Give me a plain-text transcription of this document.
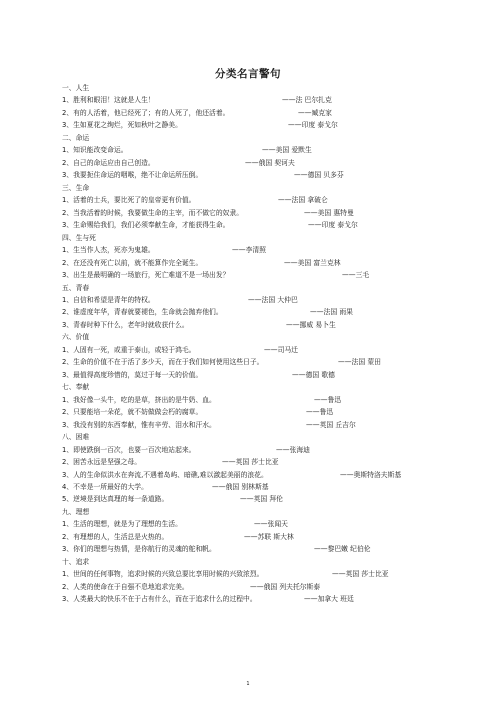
分类名言警句
一、人生
1、胜利和眼泪！这就是人生！	——法 巴尔扎克
2、有的人活着，他已经死了；有的人死了，他还活着。	——臧克家
3、生如夏花之绚烂，死如秋叶之静美。	——印度 泰戈尔
二、命运
1、知识能改变命运。	——美国 爱默生
2、自己的命运应由自己创造。	——俄国 契诃夫
3、我要扼住命运的咽喉，绝不让命运所压倒。	——德国 贝多芬
三、生命
1、活着的士兵，要比死了的皇帝更有价值。	——法国 拿破仑
2、当我活着的时候，我要做生命的主宰，而不做它的奴隶。	——美国 惠特曼
3、生命赐给我们，我们必须奉献生命，才能获得生命。	——印度 泰戈尔
四、生与死
1、生当作人杰，死亦为鬼雄。	——李清照
2、在还没有死亡以前，就不能算作完全诞生。	——美国 富兰克林
3、出生是最明确的一场旅行，死亡难道不是一场出发？	——三毛
五、青春
1、自信和希望是青年的特权。	——法国 大仲巴
2、谁虚度年华，青春就要褪色，生命就会抛弃他们。	——法国 雨果
3、青春时种下什么，老年时就收获什么。	——挪威 易卜生
六、价值
1、人固有一死，或重于泰山，或轻于鸿毛。	——司马迁
2、生命的价值不在于活了多少天，而在于我们如何使用这些日子。	——法国 蒙田
3、最值得高度珍惜的，莫过于每一天的价值。	——德国 歌德
七、奉献
1、我好像一头牛，吃的是草，挤出的是牛奶、血。	——鲁迅
2、只要能培一朵花，就不妨做做会朽的腐草。	——鲁迅
3、我没有别的东西奉献，惟有辛劳、泪水和汗水。	——英国 丘吉尔
八、困难
1、即使跌倒一百次，也要一百次地站起来。	——张海迪
2、困苦永远是坚强之母。	——英国 莎士比亚
3、人的生命似洪水在奔流,不遇着岛屿、暗礁,难以激起美丽的浪花。	——奥斯特洛夫斯基
4、不幸是一所最好的大学。	——俄国 别林斯基
5、逆境是到达真理的每一条道路。	——英国 拜伦
九、理想
1、生活的理想，就是为了理想的生活。	——张闻天
2、有理想的人，生活总是火热的。	——苏联 斯大林
3、你们的理想与热情，是你航行的灵魂的舵和帆。	——黎巴嫩 纪伯伦
十、追求
1、世间的任何事物，追求时候的兴致总要比享用时候的兴致浓烈。	——英国 莎士比亚
2、人类的使命在于自强不息地追求完美。	——俄国 列夫托尔斯泰
3、人类最大的快乐不在于占有什么，而在于追求什么的过程中。	——加拿大 班廷
1
